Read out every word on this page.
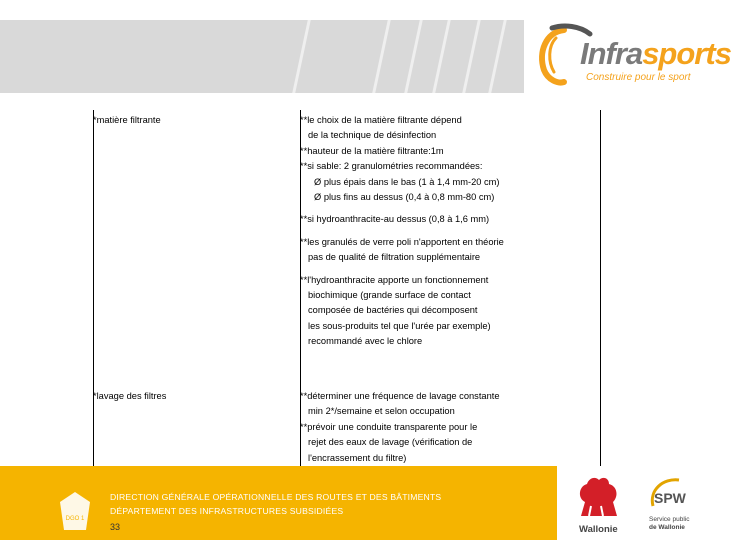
Infrasports
Construire pour le sport
*matière filtrante	**le choix de la matière filtrante dépend
de la technique de désinfection
**hauteur de la matière filtrante:1m
**si sable: 2 granulométries recommandées:
Ø plus épais dans le bas (1 à 1,4 mm-20 cm)
Ø plus fins au dessus (0,4 à 0,8 mm-80 cm)
**si hydroanthracite-au dessus (0,8 à 1,6 mm)
**les granulés de verre poli n'apportent en théorie
pas de qualité de filtration supplémentaire
**l'hydroanthracite apporte un fonctionnement
biochimique (grande surface de contact
composée de bactéries qui décomposent
les sous-produits tel que l'urée par exemple)
recommandé avec le chlore
*lavage des filtres	**déterminer une fréquence de lavage constante
min 2*/semaine et selon occupation
**prévoir une conduite transparente pour le
rejet des eaux de lavage (vérification de
l'encrassement du filtre)
DGO 1
DIRECTION GÉNÉRALE OPÉRATIONNELLE DES ROUTES ET DES BÂTIMENTS
DÉPARTEMENT DES INFRASTRUCTURES SUBSIDIÉES
33	Wallonie
SPW
Service public
de Wallonie
